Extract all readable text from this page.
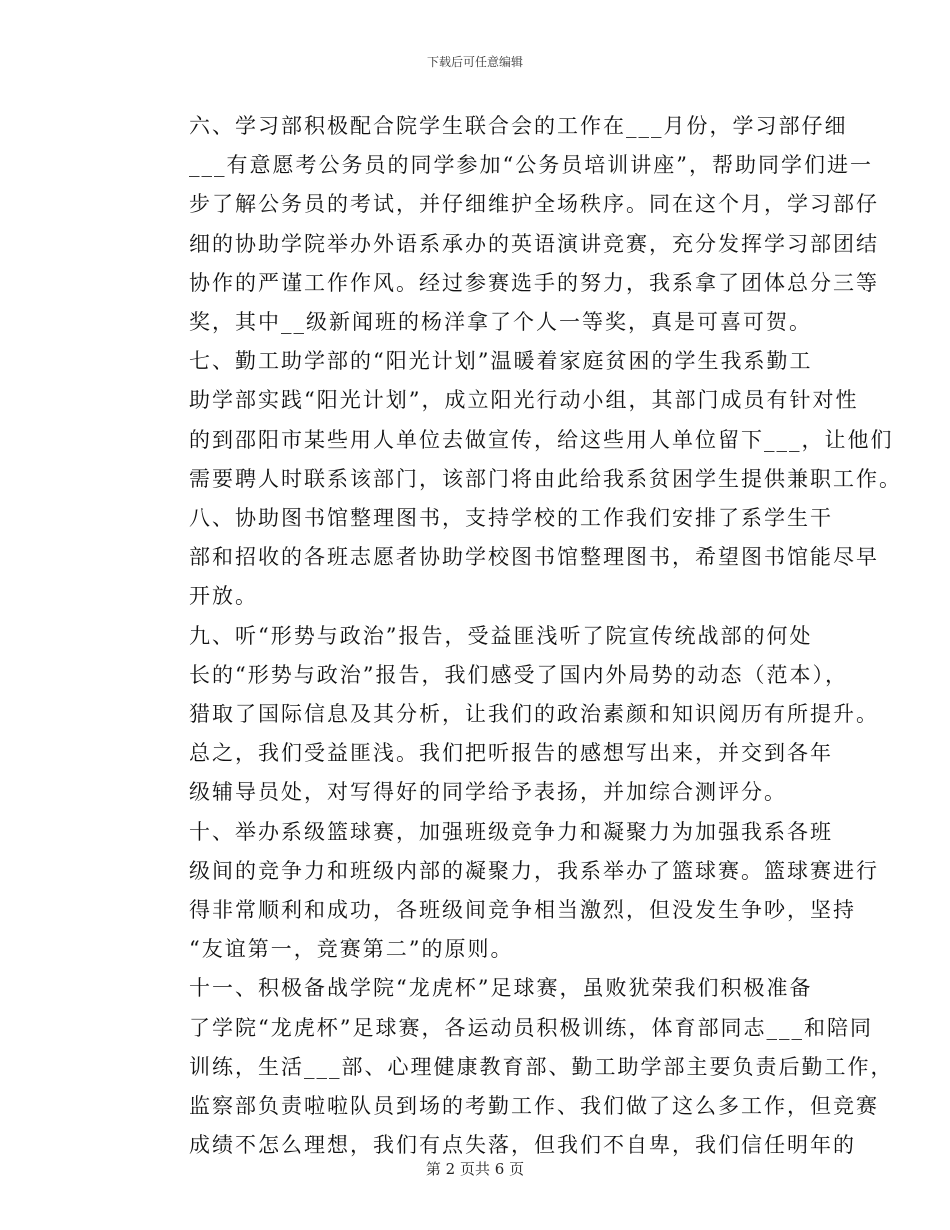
下载后可任意编辑

六、学习部积极配合院学生联合会的工作在___月份，学习部仔细
___有意愿考公务员的同学参加“公务员培训讲座”，帮助同学们进一
步了解公务员的考试，并仔细维护全场秩序。同在这个月，学习部仔
细的协助学院举办外语系承办的英语演讲竞赛，充分发挥学习部团结
协作的严谨工作作风。经过参赛选手的努力，我系拿了团体总分三等
奖，其中__级新闻班的杨洋拿了个人一等奖，真是可喜可贺。

七、勤工助学部的“阳光计划”温暖着家庭贫困的学生我系勤工
助学部实践“阳光计划”，成立阳光行动小组，其部门成员有针对性
的到邵阳市某些用人单位去做宣传，给这些用人单位留下___，让他们
需要聘人时联系该部门，该部门将由此给我系贫困学生提供兼职工作。

八、协助图书馆整理图书，支持学校的工作我们安排了系学生干
部和招收的各班志愿者协助学校图书馆整理图书，希望图书馆能尽早
开放。

九、听“形势与政治”报告，受益匪浅听了院宣传统战部的何处
长的“形势与政治”报告，我们感受了国内外局势的动态（范本），
猎取了国际信息及其分析，让我们的政治素颜和知识阅历有所提升。

总之，我们受益匪浅。我们把听报告的感想写出来，并交到各年
级辅导员处，对写得好的同学给予表扬，并加综合测评分。

十、举办系级篮球赛，加强班级竞争力和凝聚力为加强我系各班
级间的竞争力和班级内部的凝聚力，我系举办了篮球赛。篮球赛进行
得非常顺利和成功，各班级间竞争相当激烈，但没发生争吵，坚持
“友谊第一，竞赛第二”的原则。

十一、积极备战学院“龙虎杯”足球赛，虽败犹荣我们积极准备
了学院“龙虎杯”足球赛，各运动员积极训练，体育部同志___和陪同
训练，生活___部、心理健康教育部、勤工助学部主要负责后勤工作，
监察部负责啦啦队员到场的考勤工作、我们做了这么多工作，但竞赛
成绩不怎么理想，我们有点失落，但我们不自卑，我们信任明年的

第 2 页共 6 页
